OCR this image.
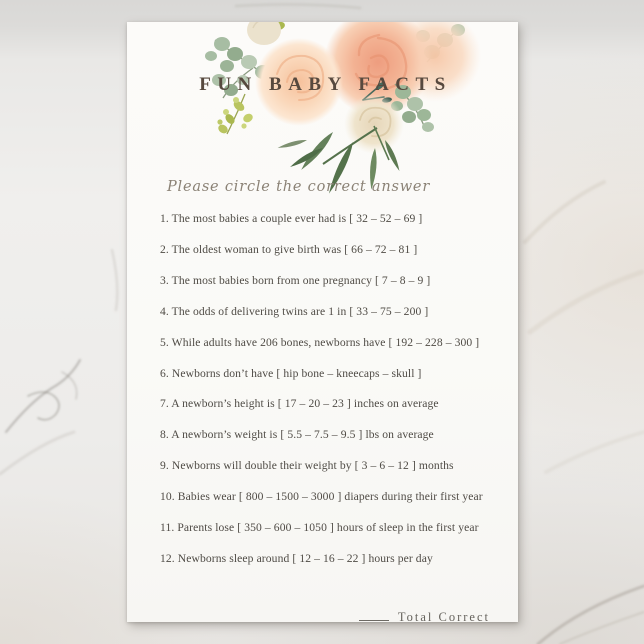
FUN BABY FACTS
Please circle the correct answer
1. The most babies a couple ever had is [ 32 – 52 – 69 ]
2. The oldest woman to give birth was [ 66 – 72 – 81 ]
3. The most babies born from one pregnancy [ 7 – 8 – 9 ]
4. The odds of delivering twins are 1 in [ 33 – 75 – 200 ]
5. While adults have 206 bones, newborns have [ 192 – 228 – 300 ]
6. Newborns don’t have [ hip bone – kneecaps – skull ]
7. A newborn’s height is [ 17 – 20 – 23 ] inches on average
8. A newborn’s weight is [ 5.5 – 7.5 – 9.5 ] lbs on average
9. Newborns will double their weight by [ 3 – 6 – 12 ] months
10. Babies wear [ 800 – 1500 – 3000 ] diapers during their first year
11. Parents lose [ 350 – 600 – 1050 ] hours of sleep in the first year
12. Newborns sleep around [ 12 – 16 – 22 ] hours per day
Total Correct
